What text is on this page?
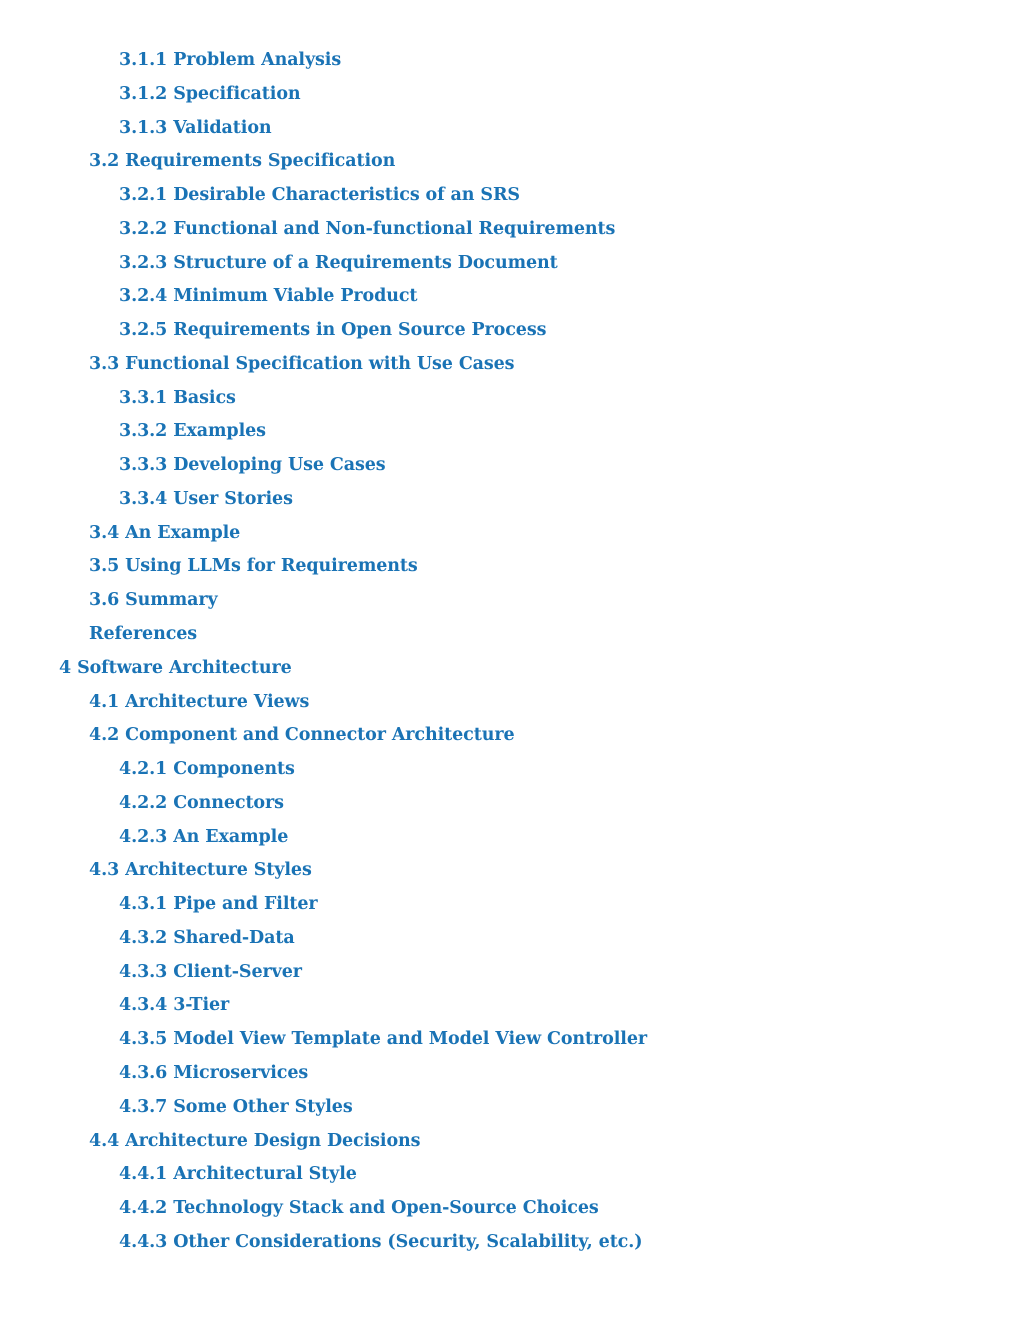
3.1.1 Problem Analysis
3.1.2 Specification
3.1.3 Validation
3.2 Requirements Specification
3.2.1 Desirable Characteristics of an SRS
3.2.2 Functional and Non-functional Requirements
3.2.3 Structure of a Requirements Document
3.2.4 Minimum Viable Product
3.2.5 Requirements in Open Source Process
3.3 Functional Specification with Use Cases
3.3.1 Basics
3.3.2 Examples
3.3.3 Developing Use Cases
3.3.4 User Stories
3.4 An Example
3.5 Using LLMs for Requirements
3.6 Summary
References
4 Software Architecture
4.1 Architecture Views
4.2 Component and Connector Architecture
4.2.1 Components
4.2.2 Connectors
4.2.3 An Example
4.3 Architecture Styles
4.3.1 Pipe and Filter
4.3.2 Shared-Data
4.3.3 Client-Server
4.3.4 3-Tier
4.3.5 Model View Template and Model View Controller
4.3.6 Microservices
4.3.7 Some Other Styles
4.4 Architecture Design Decisions
4.4.1 Architectural Style
4.4.2 Technology Stack and Open-Source Choices
4.4.3 Other Considerations (Security, Scalability, etc.)
